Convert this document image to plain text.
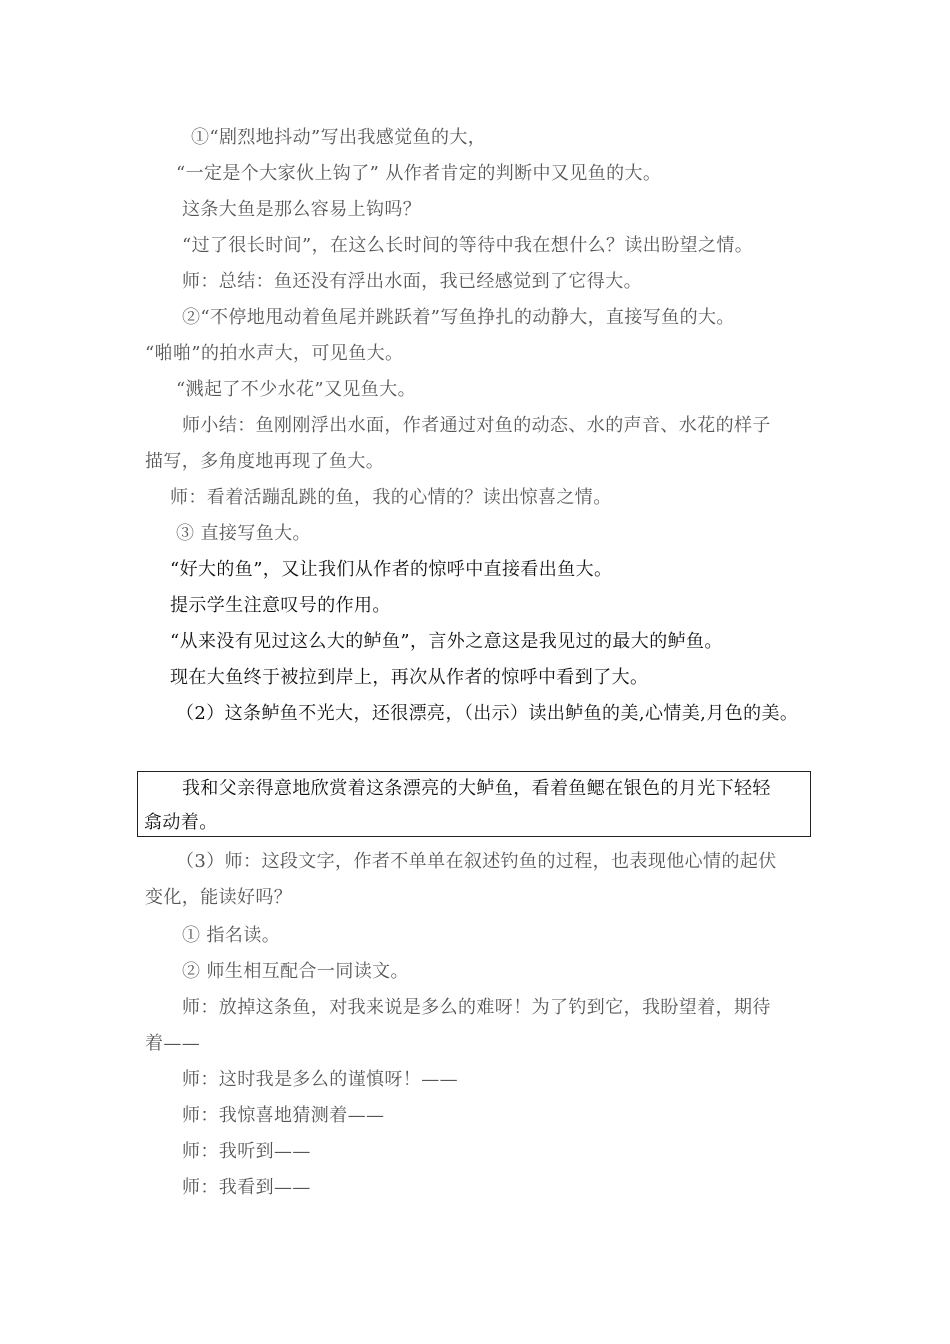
①“剧烈地抖动”写出我感觉鱼的大，
“一定是个大家伙上钩了” 从作者肯定的判断中又见鱼的大。
这条大鱼是那么容易上钩吗？
“过了很长时间”，在这么长时间的等待中我在想什么？读出盼望之情。
师：总结：鱼还没有浮出水面，我已经感觉到了它得大。
②“不停地甩动着鱼尾并跳跃着”写鱼挣扎的动静大，直接写鱼的大。
“啪啪”的拍水声大，可见鱼大。
“溅起了不少水花”又见鱼大。
师小结：鱼刚刚浮出水面，作者通过对鱼的动态、水的声音、水花的样子
描写，多角度地再现了鱼大。
师：看着活蹦乱跳的鱼，我的心情的？读出惊喜之情。
③ 直接写鱼大。
“好大的鱼”，又让我们从作者的惊呼中直接看出鱼大。
提示学生注意叹号的作用。
“从来没有见过这么大的鲈鱼”，言外之意这是我见过的最大的鲈鱼。
现在大鱼终于被拉到岸上，再次从作者的惊呼中看到了大。
（2）这条鲈鱼不光大，还很漂亮，（出示）读出鲈鱼的美,心情美,月色的美。
我和父亲得意地欣赏着这条漂亮的大鲈鱼，看着鱼鳃在银色的月光下轻轻
翕动着。
（3）师：这段文字，作者不单单在叙述钓鱼的过程，也表现他心情的起伏
变化，能读好吗？
① 指名读。
② 师生相互配合一同读文。
师：放掉这条鱼，对我来说是多么的难呀！为了钓到它，我盼望着，期待
着——
师：这时我是多么的谨慎呀！——
师：我惊喜地猜测着——
师：我听到——
师：我看到——
